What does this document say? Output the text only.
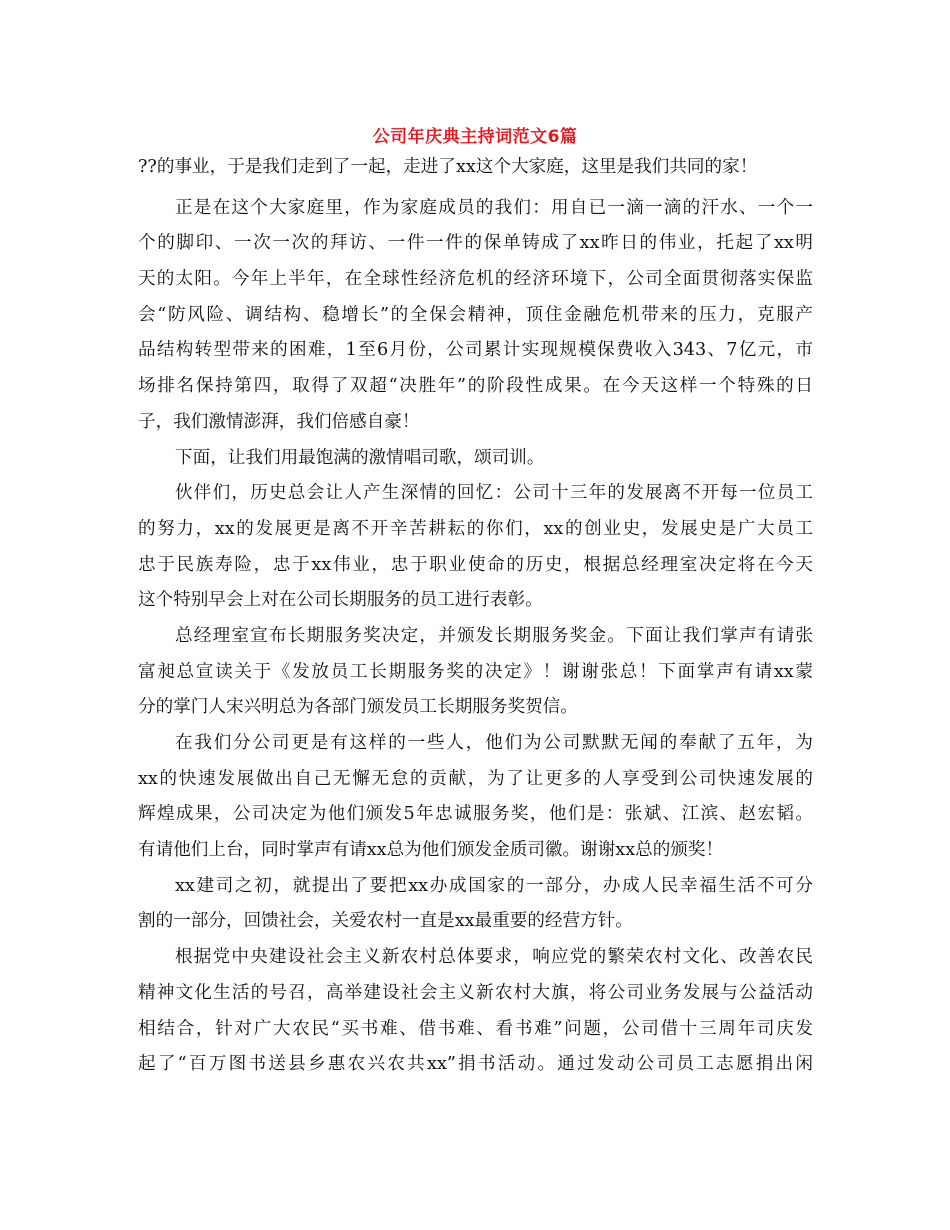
公司年庆典主持词范文6篇
??的事业，于是我们走到了一起，走进了xx这个大家庭，这里是我们共同的家！
正是在这个大家庭里，作为家庭成员的我们：用自已一滴一滴的汗水、一个一
个的脚印、一次一次的拜访、一件一件的保单铸成了xx昨日的伟业，托起了xx明
天的太阳。今年上半年，在全球性经济危机的经济环境下，公司全面贯彻落实保监
会“防风险、调结构、稳增长”的全保会精神，顶住金融危机带来的压力，克服产
品结构转型带来的困难，1至6月份，公司累计实现规模保费收入343、7亿元，市
场排名保持第四，取得了双超“决胜年”的阶段性成果。在今天这样一个特殊的日
子，我们激情澎湃，我们倍感自豪！
下面，让我们用最饱满的激情唱司歌，颂司训。
伙伴们，历史总会让人产生深情的回忆：公司十三年的发展离不开每一位员工
的努力，xx的发展更是离不开辛苦耕耘的你们，xx的创业史，发展史是广大员工
忠于民族寿险，忠于xx伟业，忠于职业使命的历史，根据总经理室决定将在今天
这个特别早会上对在公司长期服务的员工进行表彰。
总经理室宣布长期服务奖决定，并颁发长期服务奖金。下面让我们掌声有请张
富昶总宣读关于《发放员工长期服务奖的决定》！谢谢张总！下面掌声有请xx蒙
分的掌门人宋兴明总为各部门颁发员工长期服务奖贺信。
在我们分公司更是有这样的一些人，他们为公司默默无闻的奉献了五年，为
xx的快速发展做出自己无懈无怠的贡献，为了让更多的人享受到公司快速发展的
辉煌成果，公司决定为他们颁发5年忠诚服务奖，他们是：张斌、江滨、赵宏韬。
有请他们上台，同时掌声有请xx总为他们颁发金质司徽。谢谢xx总的颁奖！
xx建司之初，就提出了要把xx办成国家的一部分，办成人民幸福生活不可分
割的一部分，回馈社会，关爱农村一直是xx最重要的经营方针。
根据党中央建设社会主义新农村总体要求，响应党的繁荣农村文化、改善农民
精神文化生活的号召，高举建设社会主义新农村大旗，将公司业务发展与公益活动
相结合，针对广大农民“买书难、借书难、看书难”问题，公司借十三周年司庆发
起了“百万图书送县乡惠农兴农共xx”捐书活动。通过发动公司员工志愿捐出闲
